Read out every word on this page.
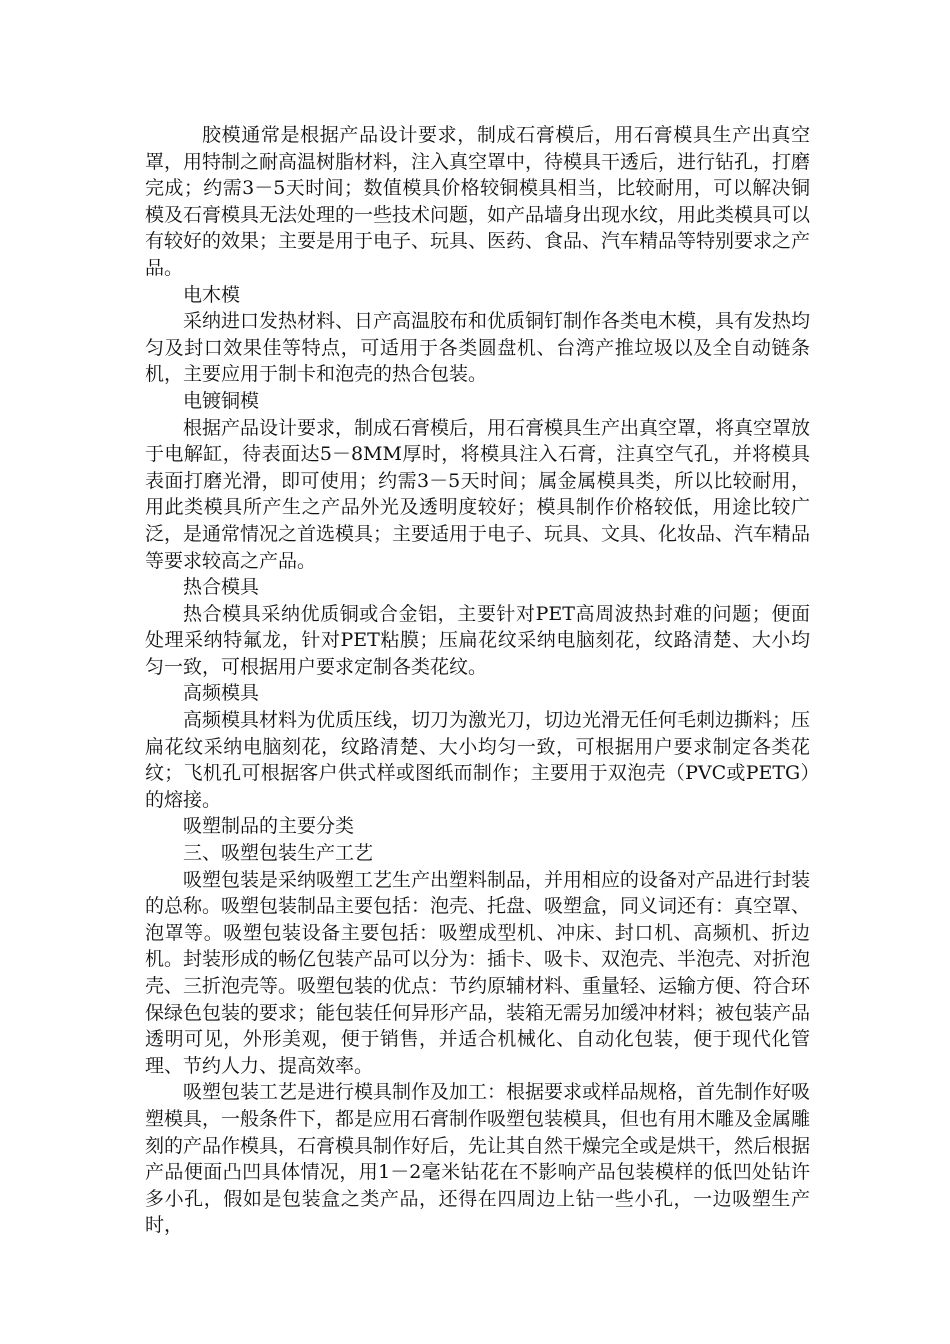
胶模通常是根据产品设计要求，制成石膏模后，用石膏模具生产出真空罩，用特制之耐高温树脂材料，注入真空罩中，待模具干透后，进行钻孔，打磨完成；约需3－5天时间；数值模具价格较铜模具相当，比较耐用，可以解决铜模及石膏模具无法处理的一些技术问题，如产品墙身出现水纹，用此类模具可以有较好的效果；主要是用于电子、玩具、医药、食品、汽车精品等特别要求之产品。

电木模

采纳进口发热材料、日产高温胶布和优质铜钉制作各类电木模，具有发热均匀及封口效果佳等特点，可适用于各类圆盘机、台湾产推垃圾以及全自动链条机，主要应用于制卡和泡壳的热合包装。

电镀铜模

根据产品设计要求，制成石膏模后，用石膏模具生产出真空罩，将真空罩放于电解缸，待表面达5－8MM厚时，将模具注入石膏，注真空气孔，并将模具表面打磨光滑，即可使用；约需3－5天时间；属金属模具类，所以比较耐用，用此类模具所产生之产品外光及透明度较好；模具制作价格较低，用途比较广泛，是通常情况之首选模具；主要适用于电子、玩具、文具、化妆品、汽车精品等要求较高之产品。

热合模具

热合模具采纳优质铜或合金铝，主要针对PET高周波热封难的问题；便面处理采纳特氟龙，针对PET粘膜；压扁花纹采纳电脑刻花，纹路清楚、大小均匀一致，可根据用户要求定制各类花纹。

高频模具

高频模具材料为优质压线，切刀为激光刀，切边光滑无任何毛刺边撕料；压扁花纹采纳电脑刻花，纹路清楚、大小均匀一致，可根据用户要求制定各类花纹；飞机孔可根据客户供式样或图纸而制作；主要用于双泡壳（PVC或PETG）的熔接。

吸塑制品的主要分类

三、吸塑包装生产工艺

吸塑包装是采纳吸塑工艺生产出塑料制品，并用相应的设备对产品进行封装的总称。吸塑包装制品主要包括：泡壳、托盘、吸塑盒，同义词还有：真空罩、泡罩等。吸塑包装设备主要包括：吸塑成型机、冲床、封口机、高频机、折边机。封装形成的畅亿包装产品可以分为：插卡、吸卡、双泡壳、半泡壳、对折泡壳、三折泡壳等。吸塑包装的优点：节约原辅材料、重量轻、运输方便、符合环保绿色包装的要求；能包装任何异形产品，装箱无需另加缓冲材料；被包装产品透明可见，外形美观，便于销售，并适合机械化、自动化包装，便于现代化管理、节约人力、提高效率。

吸塑包装工艺是进行模具制作及加工：根据要求或样品规格，首先制作好吸塑模具，一般条件下，都是应用石膏制作吸塑包装模具，但也有用木雕及金属雕刻的产品作模具，石膏模具制作好后，先让其自然干燥完全或是烘干，然后根据产品便面凸凹具体情况，用1－2毫米钻花在不影响产品包装模样的低凹处钻许多小孔，假如是包装盒之类产品，还得在四周边上钻一些小孔，一边吸塑生产时，
